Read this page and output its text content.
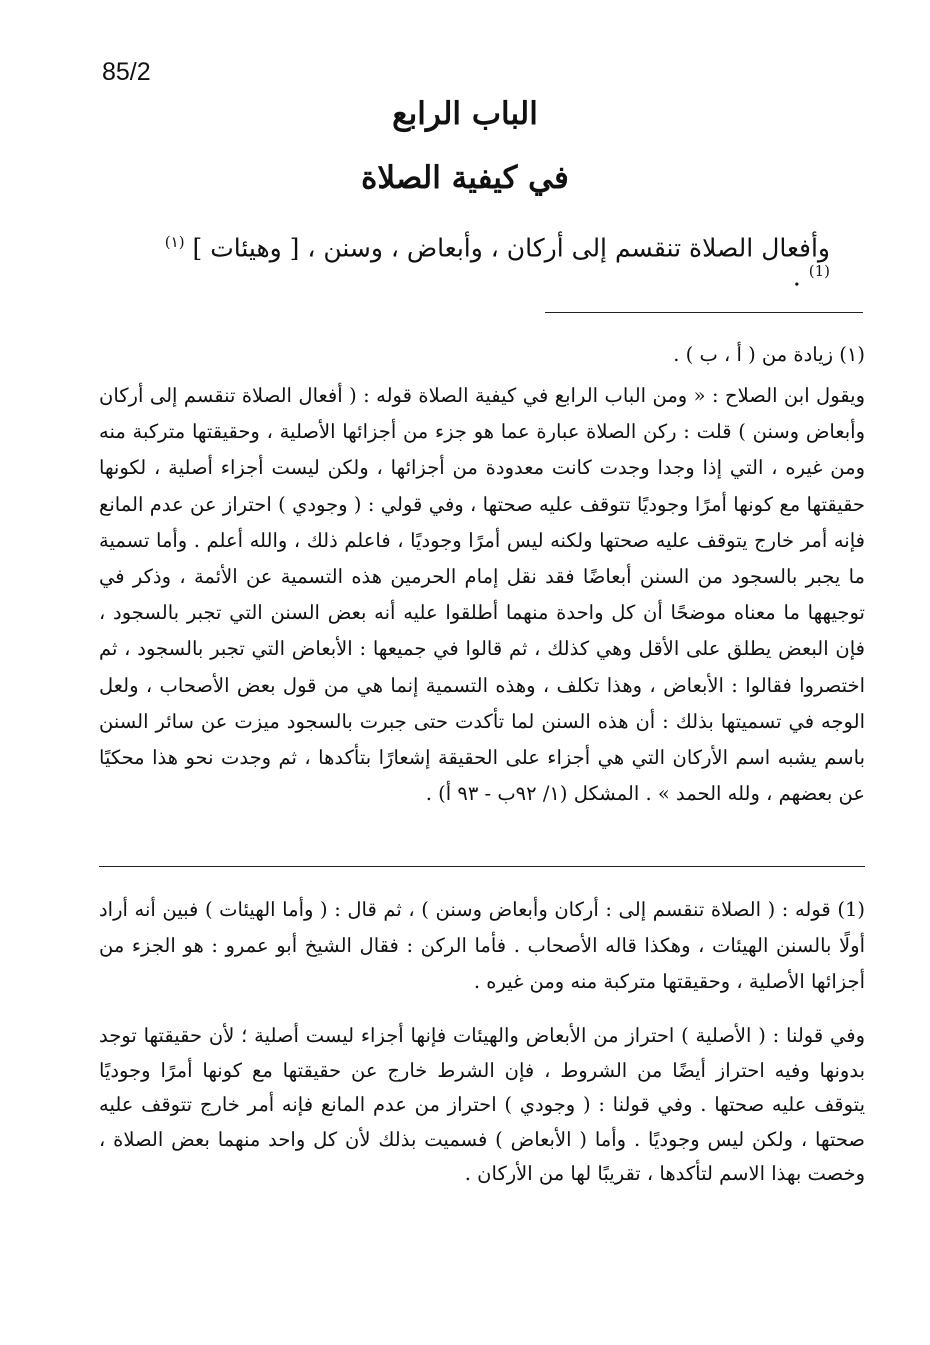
85/2
الباب الرابع
في كيفية الصلاة
وأفعال الصلاة تنقسم إلى أركان ، وأبعاض ، وسنن ، [ وهيئات ] $^{(١)}$ $^{(1)}$ .
(١) زيادة من ( أ ، ب ) .

ويقول ابن الصلاح : « ومن الباب الرابع في كيفية الصلاة قوله : ( أفعال الصلاة تنقسم إلى أركان وأبعاض وسنن ) قلت : ركن الصلاة عبارة عما هو جزء من أجزائها الأصلية ، وحقيقتها متركبة منه ومن غيره ، التي إذا وجدا وجدت كانت معدودة من أجزائها ، ولكن ليست أجزاء أصلية ، لكونها حقيقتها مع كونها أمرًا وجوديًا تتوقف عليه صحتها ، وفي قولي : ( وجودي ) احتراز عن عدم المانع فإنه أمر خارج يتوقف عليه صحتها ولكنه ليس أمرًا وجوديًا ، فاعلم ذلك ، والله أعلم . وأما تسمية ما يجبر بالسجود من السنن أبعاضًا فقد نقل إمام الحرمين هذه التسمية عن الأئمة ، وذكر في توجيهها ما معناه موضحًا أن كل واحدة منهما أطلقوا عليه أنه بعض السنن التي تجبر بالسجود ، فإن البعض يطلق على الأقل وهي كذلك ، ثم قالوا في جميعها : الأبعاض التي تجبر بالسجود ، ثم اختصروا فقالوا : الأبعاض ، وهذا تكلف ، وهذه التسمية إنما هي من قول بعض الأصحاب ، ولعل الوجه في تسميتها بذلك : أن هذه السنن لما تأكدت حتى جبرت بالسجود ميزت عن سائر السنن باسم يشبه اسم الأركان التي هي أجزاء على الحقيقة إشعارًا بتأكدها ، ثم وجدت نحو هذا محكيًا عن بعضهم ، ولله الحمد » . المشكل (١/ ٩٢ب - ٩٣ أ) .

(1) قوله : ( الصلاة تنقسم إلى : أركان وأبعاض وسنن ) ، ثم قال : ( وأما الهيئات ) فبين أنه أراد أولًا بالسنن الهيئات ، وهكذا قاله الأصحاب . فأما الركن : فقال الشيخ أبو عمرو : هو الجزء من أجزائها الأصلية ، وحقيقتها متركبة منه ومن غيره .

وفي قولنا : ( الأصلية ) احتراز من الأبعاض والهيئات فإنها أجزاء ليست أصلية ؛ لأن حقيقتها توجد بدونها وفيه احتراز أيضًا من الشروط ، فإن الشرط خارج عن حقيقتها مع كونها أمرًا وجوديًا يتوقف عليه صحتها . وفي قولنا : ( وجودي ) احتراز من عدم المانع فإنه أمر خارج تتوقف عليه صحتها ، ولكن ليس وجوديًا . وأما ( الأبعاض ) فسميت بذلك لأن كل واحد منهما بعض الصلاة ، وخصت بهذا الاسم لتأكدها ، تقريبًا لها من الأركان .
